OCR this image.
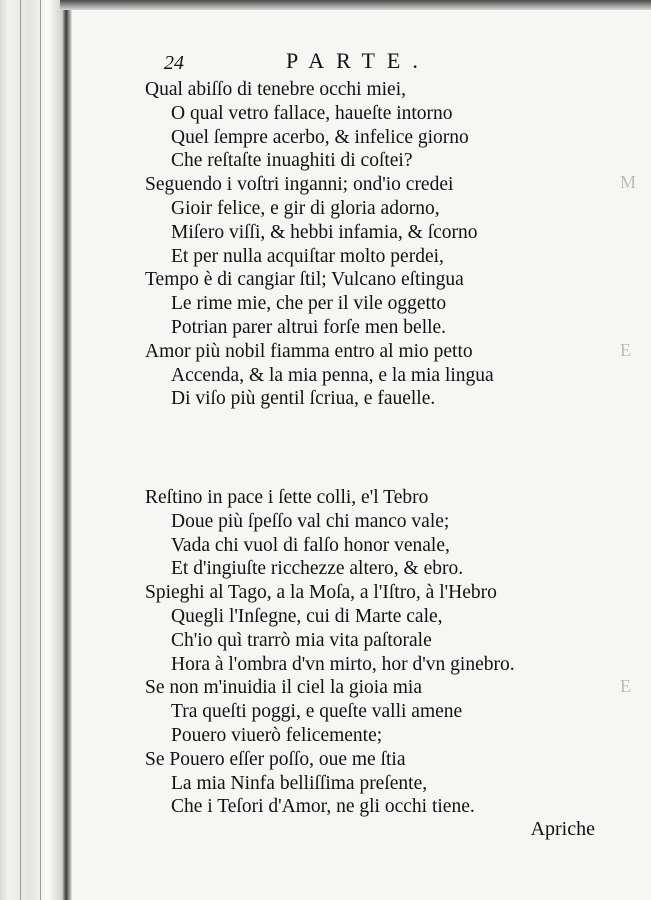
M
E
E
24	PARTE.
Qual abiſſo di tenebre occhi miei,
O qual vetro fallace, haueſte intorno
Quel ſempre acerbo, & infelice giorno
Che reſtaſte inuaghiti di coſtei?
Seguendo i voſtri inganni; ond'io credei
Gioir felice, e gir di gloria adorno,
Miſero viſſi, & hebbi infamia, & ſcorno
Et per nulla acquiſtar molto perdei,
Tempo è di cangiar ſtil; Vulcano eſtingua
Le rime mie, che per il vile oggetto
Potrian parer altrui forſe men belle.
Amor più nobil fiamma entro al mio petto
Accenda, & la mia penna, e la mia lingua
Di viſo più gentil ſcriua, e fauelle.
Reſtino in pace i ſette colli, e'l Tebro
Doue più ſpeſſo val chi manco vale;
Vada chi vuol di falſo honor venale,
Et d'ingiuſte ricchezze altero, & ebro.
Spieghi al Tago, a la Moſa, a l'Iſtro, à l'Hebro
Quegli l'Inſegne, cui di Marte cale,
Ch'io quì trarrò mia vita paſtorale
Hora à l'ombra d'vn mirto, hor d'vn ginebro.
Se non m'inuidia il ciel la gioia mia
Tra queſti poggi, e queſte valli amene
Pouero viuerò felicemente;
Se Pouero eſſer poſſo, oue me ſtia
La mia Ninfa belliſſima preſente,
Che i Teſori d'Amor, ne gli occhi tiene.
Apriche
